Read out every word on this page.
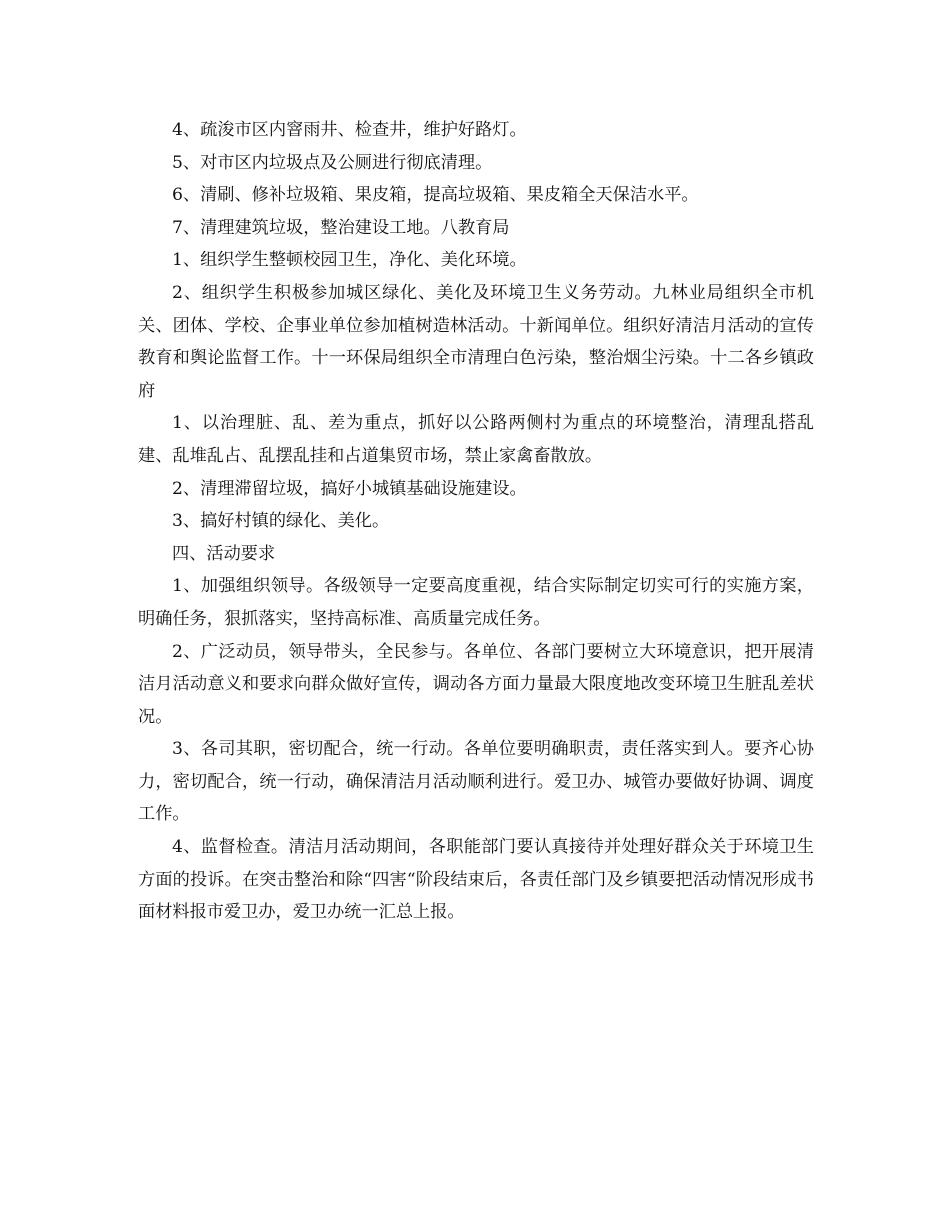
4、疏浚市区内窨雨井、检查井，维护好路灯。

5、对市区内垃圾点及公厕进行彻底清理。

6、清刷、修补垃圾箱、果皮箱，提高垃圾箱、果皮箱全天保洁水平。

7、清理建筑垃圾，整治建设工地。八教育局

1、组织学生整顿校园卫生，净化、美化环境。

2、组织学生积极参加城区绿化、美化及环境卫生义务劳动。九林业局组织全市机关、团体、学校、企事业单位参加植树造林活动。十新闻单位。组织好清洁月活动的宣传教育和舆论监督工作。十一环保局组织全市清理白色污染，整治烟尘污染。十二各乡镇政府

1、以治理脏、乱、差为重点，抓好以公路两侧村为重点的环境整治，清理乱搭乱建、乱堆乱占、乱摆乱挂和占道集贸市场，禁止家禽畜散放。

2、清理滞留垃圾，搞好小城镇基础设施建设。

3、搞好村镇的绿化、美化。

四、活动要求

1、加强组织领导。各级领导一定要高度重视，结合实际制定切实可行的实施方案，明确任务，狠抓落实，坚持高标准、高质量完成任务。

2、广泛动员，领导带头，全民参与。各单位、各部门要树立大环境意识，把开展清洁月活动意义和要求向群众做好宣传，调动各方面力量最大限度地改变环境卫生脏乱差状况。

3、各司其职，密切配合，统一行动。各单位要明确职责，责任落实到人。要齐心协力，密切配合，统一行动，确保清洁月活动顺利进行。爱卫办、城管办要做好协调、调度工作。

4、监督检查。清洁月活动期间，各职能部门要认真接待并处理好群众关于环境卫生方面的投诉。在突击整治和除“四害“阶段结束后，各责任部门及乡镇要把活动情况形成书面材料报市爱卫办，爱卫办统一汇总上报。
